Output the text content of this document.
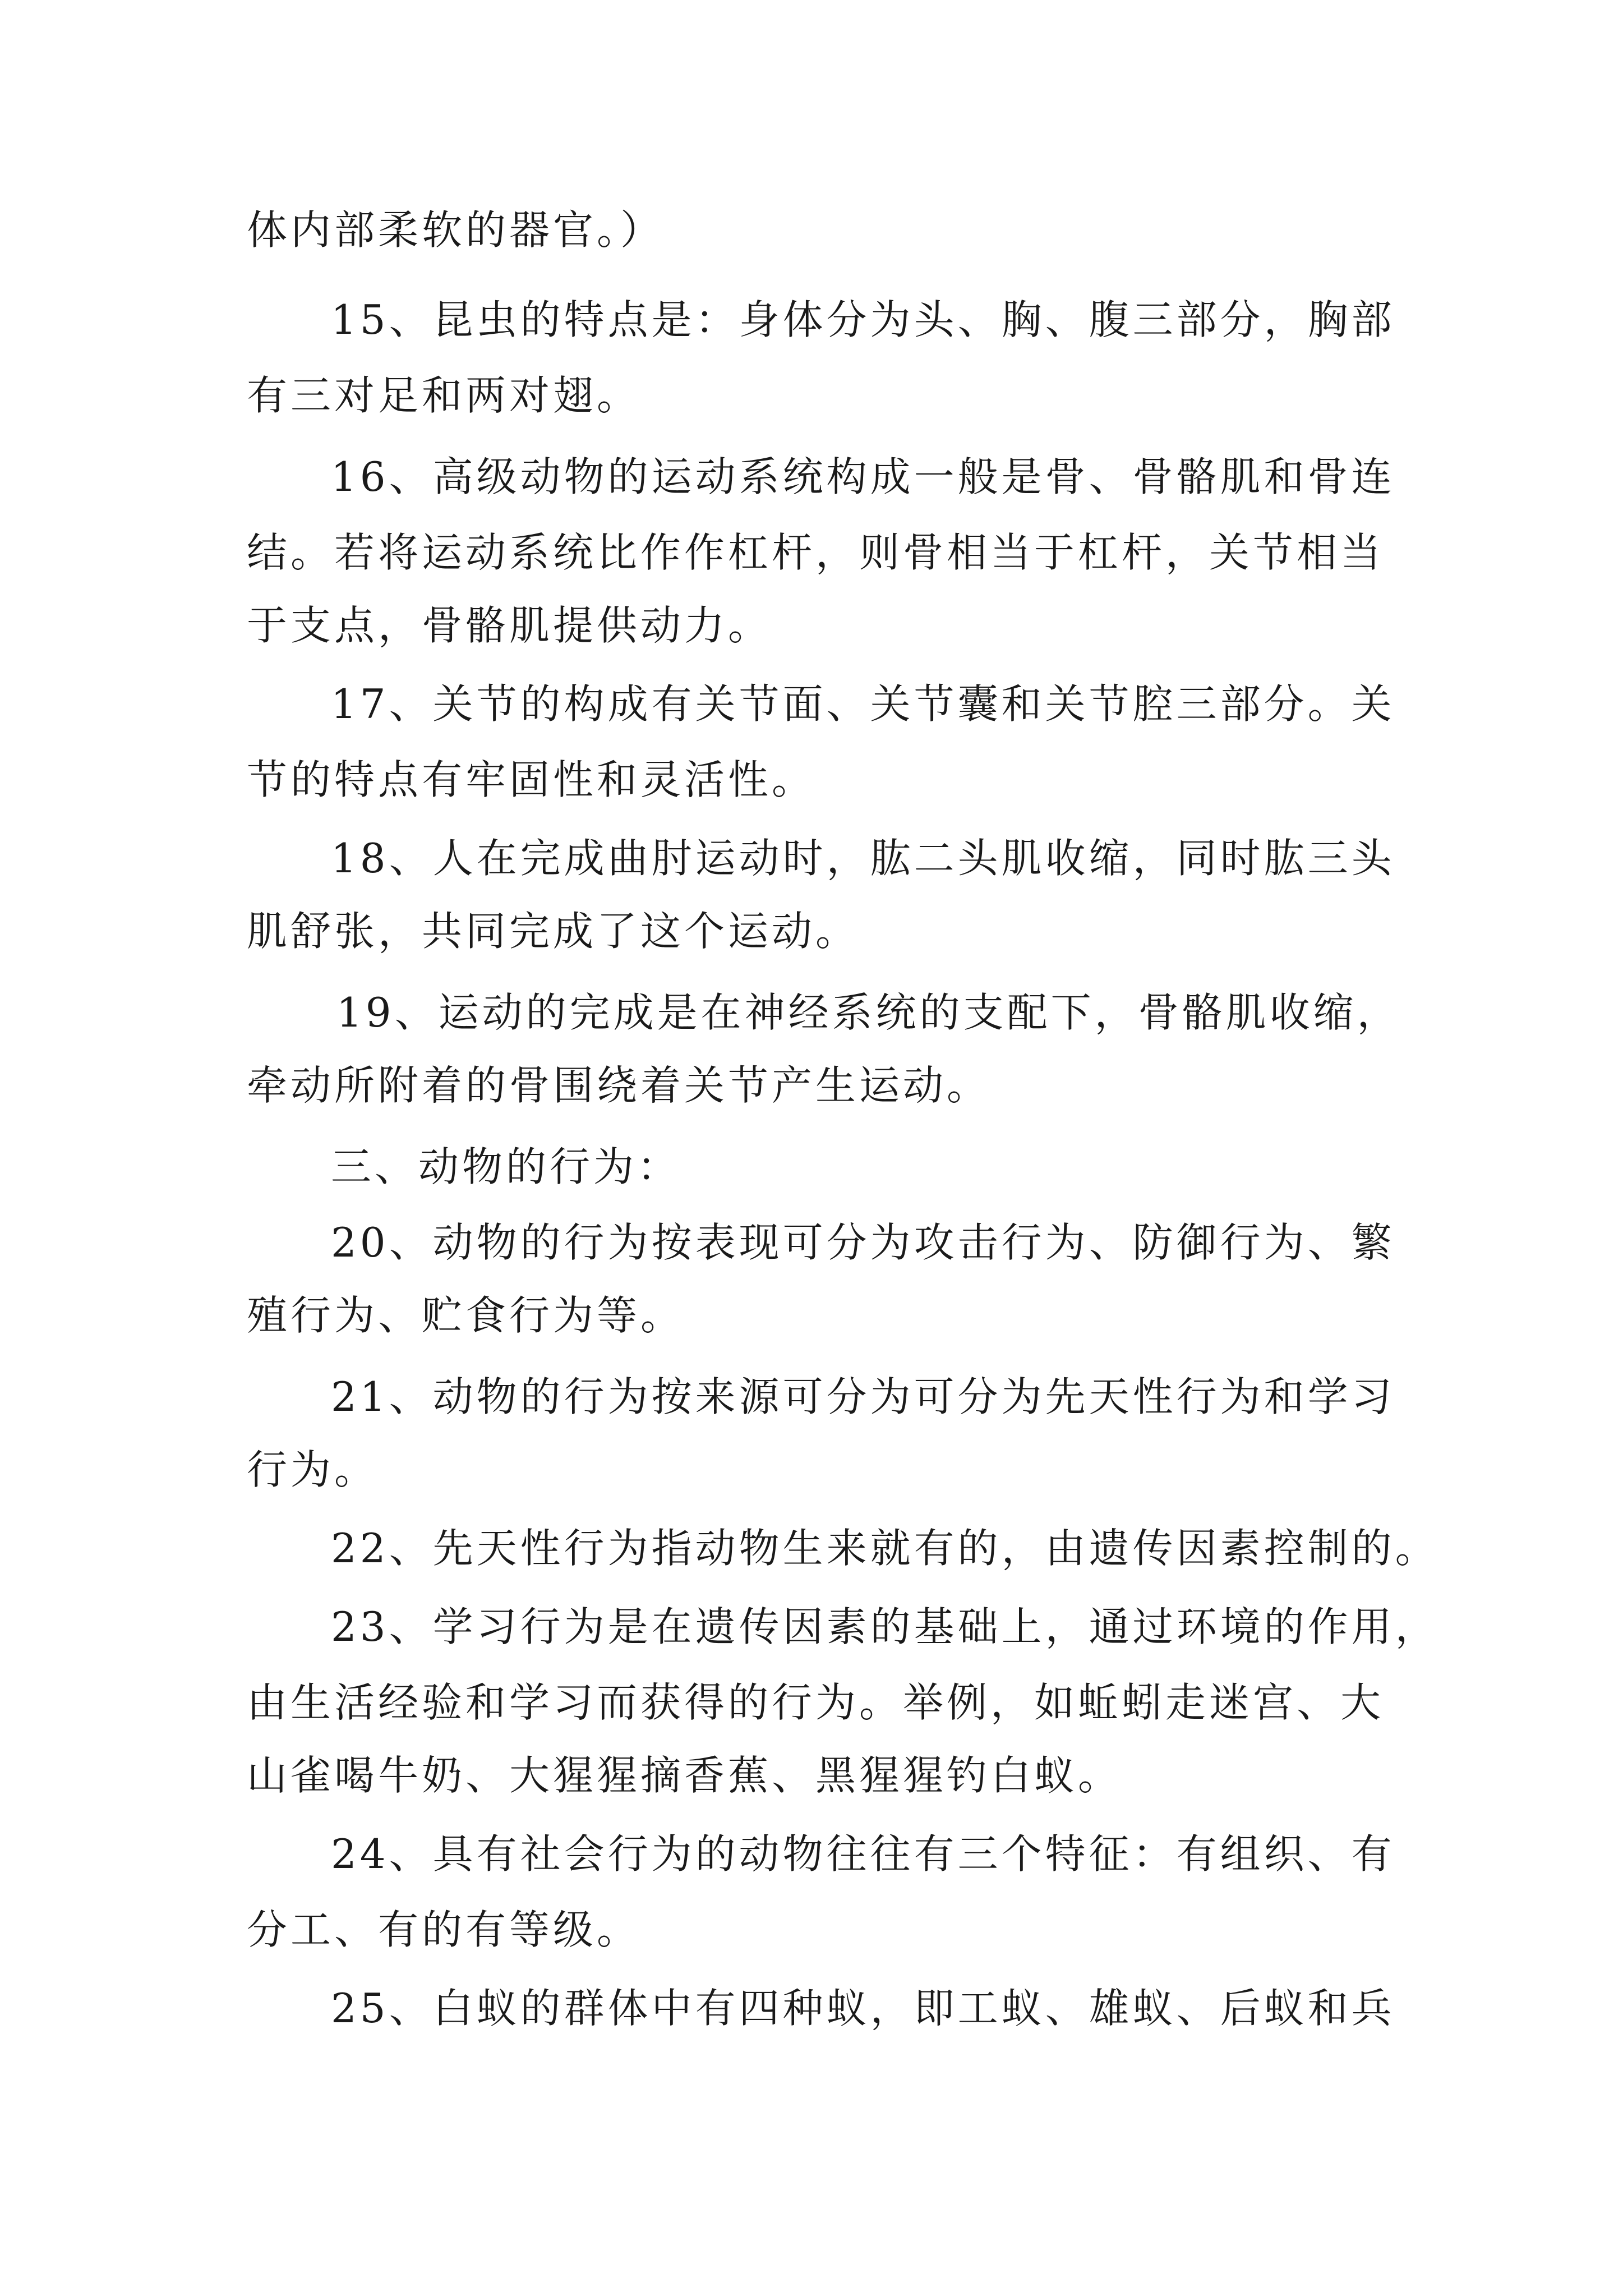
体内部柔软的器官。）
15、昆虫的特点是：身体分为头、胸、腹三部分，胸部
有三对足和两对翅。
16、高级动物的运动系统构成一般是骨、骨骼肌和骨连
结。若将运动系统比作作杠杆，则骨相当于杠杆，关节相当
于支点，骨骼肌提供动力。
17、关节的构成有关节面、关节囊和关节腔三部分。关
节的特点有牢固性和灵活性。
18、人在完成曲肘运动时，肱二头肌收缩，同时肱三头
肌舒张，共同完成了这个运动。
19、运动的完成是在神经系统的支配下，骨骼肌收缩，
牵动所附着的骨围绕着关节产生运动。
三、动物的行为：
20、动物的行为按表现可分为攻击行为、防御行为、繁
殖行为、贮食行为等。
21、动物的行为按来源可分为可分为先天性行为和学习
行为。
22、先天性行为指动物生来就有的，由遗传因素控制的。
23、学习行为是在遗传因素的基础上，通过环境的作用，
由生活经验和学习而获得的行为。举例，如蚯蚓走迷宫、大
山雀喝牛奶、大猩猩摘香蕉、黑猩猩钓白蚁。
24、具有社会行为的动物往往有三个特征：有组织、有
分工、有的有等级。
25、白蚁的群体中有四种蚁，即工蚁、雄蚁、后蚁和兵
